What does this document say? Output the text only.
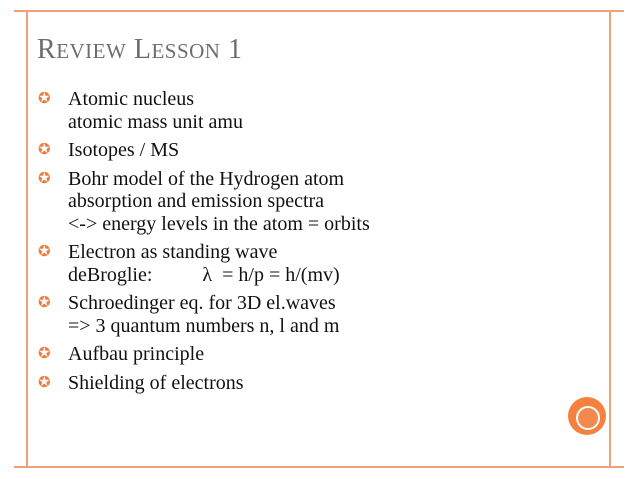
REVIEW LESSON 1
✪ Atomic nucleus
atomic mass unit amu
✪ Isotopes / MS
✪ Bohr model of the Hydrogen atom
absorption and emission spectra
<-> energy levels in the atom = orbits
✪ Electron as standing wave
deBroglie:          λ  = h/p = h/(mv)
✪ Schroedinger eq. for 3D el.waves
=> 3 quantum numbers n, l and m
✪ Aufbau principle
✪ Shielding of electrons
